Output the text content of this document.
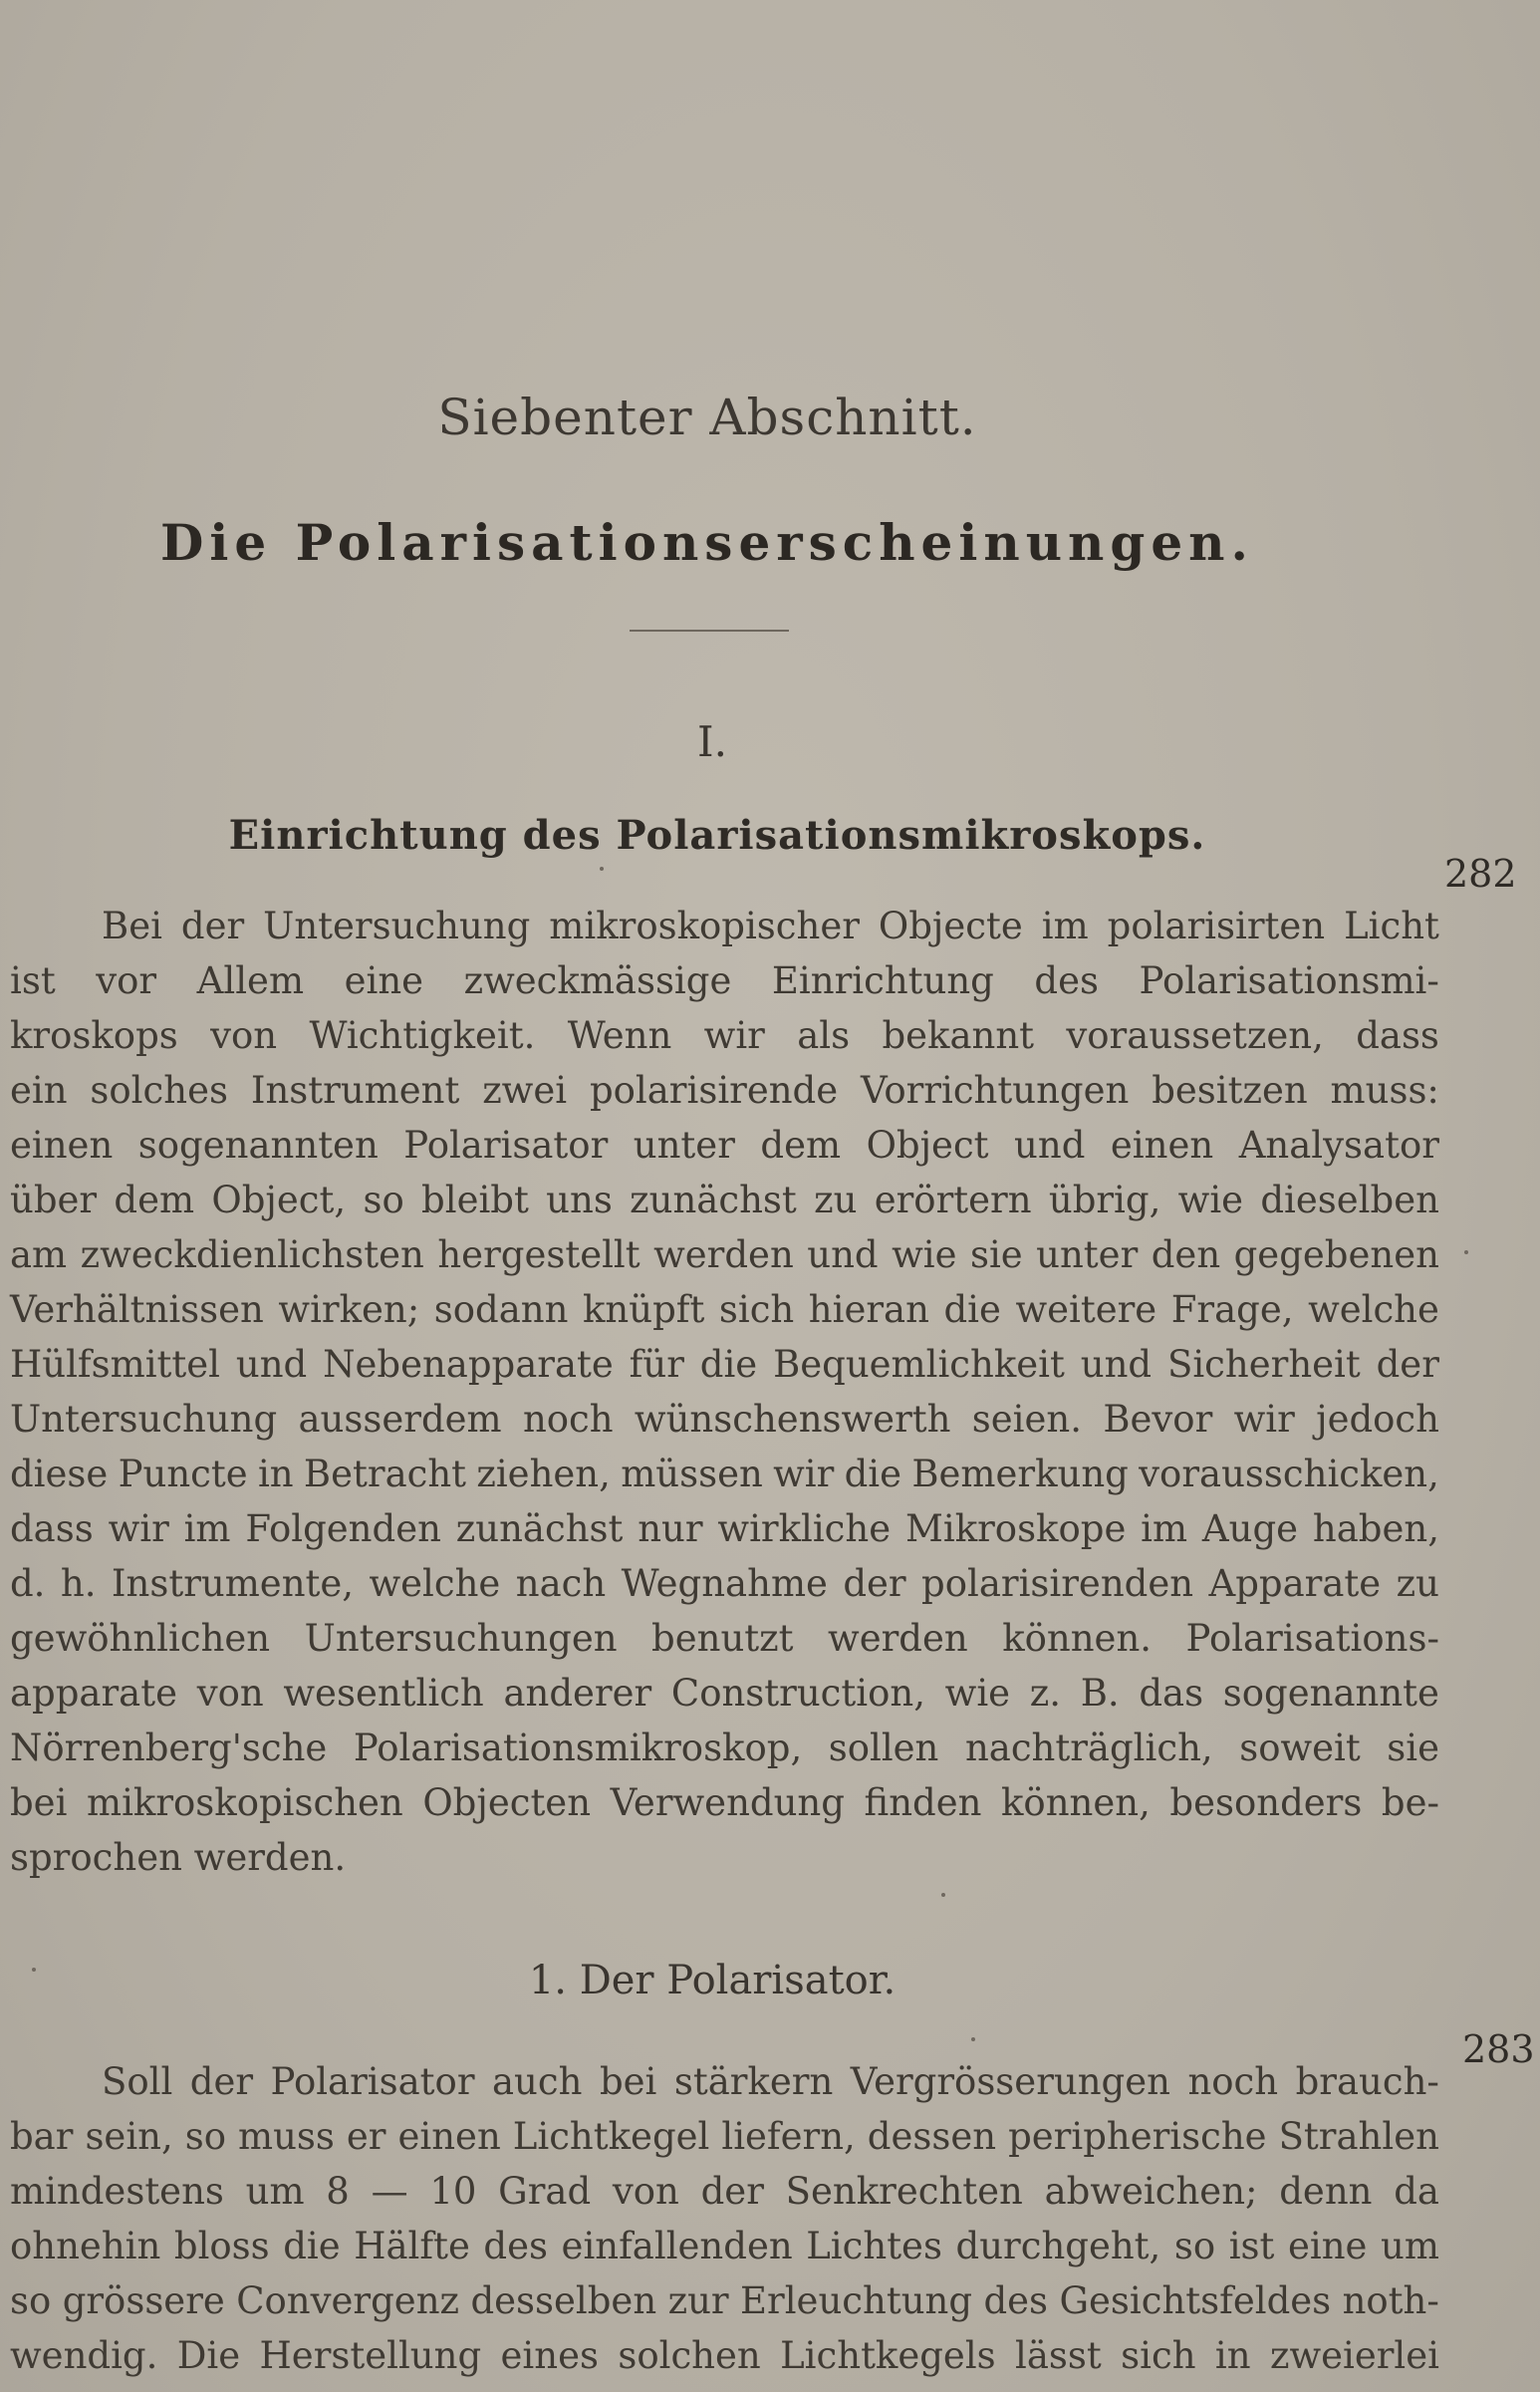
Siebenter Abschnitt.
Die Polarisationserscheinungen.
I.
Einrichtung des Polarisationsmikroskops.
282
Bei der Untersuchung mikroskopischer Objecte im polarisirten Licht
ist vor Allem eine zweckmässige Einrichtung des Polarisationsmi-
kroskops von Wichtigkeit. Wenn wir als bekannt voraussetzen, dass
ein solches Instrument zwei polarisirende Vorrichtungen besitzen muss:
einen sogenannten Polarisator unter dem Object und einen Analysator
über dem Object, so bleibt uns zunächst zu erörtern übrig, wie dieselben
am zweckdienlichsten hergestellt werden und wie sie unter den gegebenen
Verhältnissen wirken; sodann knüpft sich hieran die weitere Frage, welche
Hülfsmittel und Nebenapparate für die Bequemlichkeit und Sicherheit der
Untersuchung ausserdem noch wünschenswerth seien. Bevor wir jedoch
diese Puncte in Betracht ziehen, müssen wir die Bemerkung vorausschicken,
dass wir im Folgenden zunächst nur wirkliche Mikroskope im Auge haben,
d. h. Instrumente, welche nach Wegnahme der polarisirenden Apparate zu
gewöhnlichen Untersuchungen benutzt werden können. Polarisations-
apparate von wesentlich anderer Construction, wie z. B. das sogenannte
Nörrenberg'sche Polarisationsmikroskop, sollen nachträglich, soweit sie
bei mikroskopischen Objecten Verwendung finden können, besonders be-
sprochen werden.
1. Der Polarisator.
283
Soll der Polarisator auch bei stärkern Vergrösserungen noch brauch-
bar sein, so muss er einen Lichtkegel liefern, dessen peripherische Strahlen
mindestens um 8 — 10 Grad von der Senkrechten abweichen; denn da
ohnehin bloss die Hälfte des einfallenden Lichtes durchgeht, so ist eine um
so grössere Convergenz desselben zur Erleuchtung des Gesichtsfeldes noth-
wendig. Die Herstellung eines solchen Lichtkegels lässt sich in zweierlei
